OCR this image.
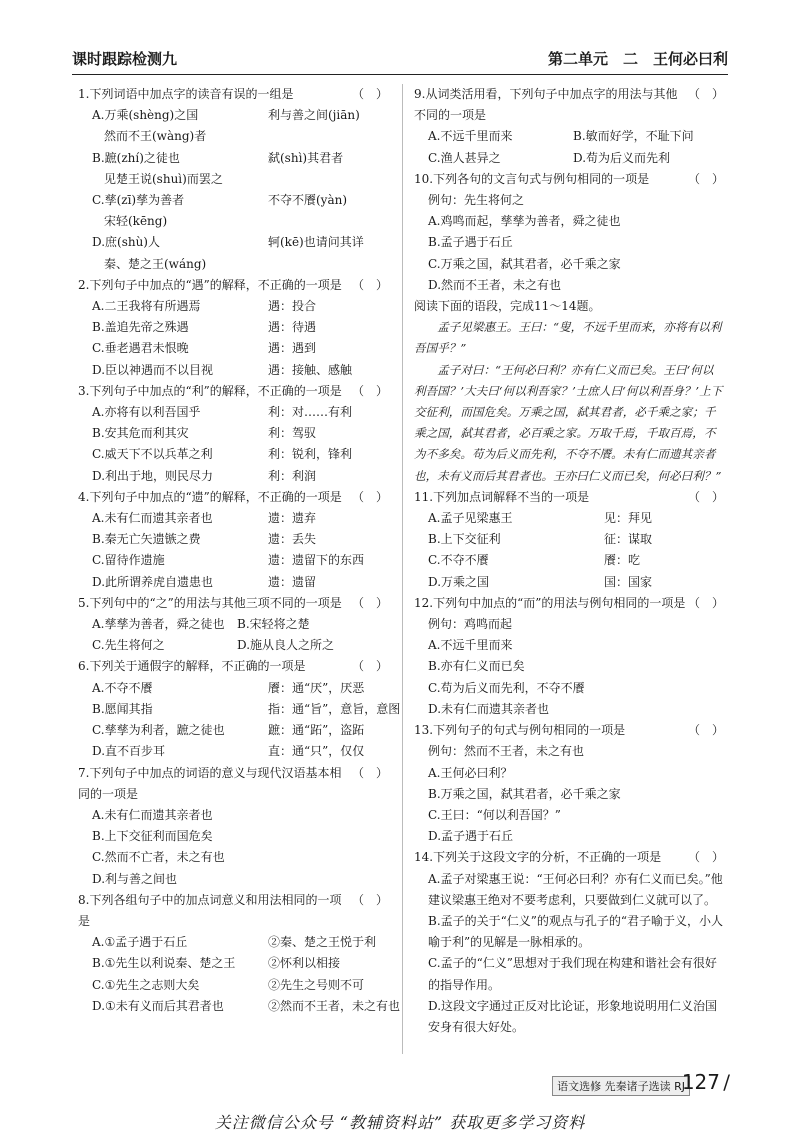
课时跟踪检测九	第二单元　二　王何必曰利
（　）
1.下列词语中加点字的读音有误的一组是
A.万乘(shèng)之国	利与善之间(jiān)
　然而不王(wàng)者
B.蹠(zhí)之徒也	弑(shì)其君者
　见楚王说(shuì)而罢之
C.孳(zī)孳为善者	不夺不餍(yàn)
　宋轻(kēng)
D.庶(shù)人	轲(kē)也请问其详
　秦、楚之王(wáng)
（　）
2.下列句子中加点的“遇”的解释，不正确的一项是
A.二王我将有所遇焉	遇：投合
B.盖追先帝之殊遇	遇：待遇
C.垂老遇君未恨晚	遇：遇到
D.臣以神遇而不以目视	遇：接触、感触
（　）
3.下列句子中加点的“利”的解释，不正确的一项是
A.亦将有以利吾国乎	利：对……有利
B.安其危而利其灾	利：驾驭
C.威天下不以兵革之利	利：锐利，锋利
D.利出于地，则民尽力	利：利润
（　）
4.下列句子中加点的“遗”的解释，不正确的一项是
A.未有仁而遗其亲者也	遗：遗弃
B.秦无亡矢遗镞之费	遗：丢失
C.留待作遗施	遗：遗留下的东西
D.此所谓养虎自遗患也	遗：遗留
（　）
5.下列句中的“之”的用法与其他三项不同的一项是
A.孳孳为善者，舜之徒也	B.宋轻将之楚
C.先生将何之	D.施从良人之所之
（　）
6.下列关于通假字的解释，不正确的一项是
A.不夺不餍	餍：通“厌”，厌恶
B.愿闻其指	指：通“旨”，意旨，意图
C.孳孳为利者，蹠之徒也	蹠：通“跖”，盗跖
D.直不百步耳	直：通“只”，仅仅
（　）
7.下列句子中加点的词语的意义与现代汉语基本相同的一项是
A.未有仁而遗其亲者也
B.上下交征利而国危矣
C.然而不亡者，未之有也
D.利与善之间也
（　）
8.下列各组句子中的加点词意义和用法相同的一项是
A.①孟子遇于石丘	②秦、楚之王悦于利
B.①先生以利说秦、楚之王	②怀利以相接
C.①先生之志则大矣	②先生之号则不可
D.①未有义而后其君者也	②然而不王者，未之有也
（　）
9.从词类活用看，下列句子中加点字的用法与其他不同的一项是
A.不远千里而来	B.敏而好学，不耻下问
C.渔人甚异之	D.苟为后义而先利
（　）
10.下列各句的文言句式与例句相同的一项是
例句：先生将何之
A.鸡鸣而起，孳孳为善者，舜之徒也
B.孟子遇于石丘
C.万乘之国，弑其君者，必千乘之家
D.然而不王者，未之有也
阅读下面的语段，完成11～14题。

孟子见梁惠王。王曰：“叟，不远千里而来，亦将有以利吾国乎？”

孟子对曰：“王何必曰利？亦有仁义而已矣。王曰‘何以利吾国？’大夫曰‘何以利吾家？’士庶人曰‘何以利吾身？’上下交征利，而国危矣。万乘之国，弑其君者，必千乘之家；千乘之国，弑其君者，必百乘之家。万取千焉，千取百焉，不为不多矣。苟为后义而先利，不夺不餍。未有仁而遗其亲者也，未有义而后其君者也。王亦曰仁义而已矣，何必曰利？”

（　）
11.下列加点词解释不当的一项是
A.孟子见梁惠王	见：拜见
B.上下交征利	征：谋取
C.不夺不餍	餍：吃
D.万乘之国	国：国家
（　）
12.下列句中加点的“而”的用法与例句相同的一项是
例句：鸡鸣而起
A.不远千里而来
B.亦有仁义而已矣
C.苟为后义而先利，不夺不餍
D.未有仁而遗其亲者也
（　）
13.下列句子的句式与例句相同的一项是
例句：然而不王者，未之有也
A.王何必曰利？
B.万乘之国，弑其君者，必千乘之家
C.王曰：“何以利吾国？”
D.孟子遇于石丘
（　）
14.下列关于这段文字的分析，不正确的一项是
A.孟子对梁惠王说：“王何必曰利？亦有仁义而已矣。”他建议梁惠王绝对不要考虑利，只要做到仁义就可以了。
B.孟子的关于“仁义”的观点与孔子的“君子喻于义，小人喻于利”的见解是一脉相承的。
C.孟子的“仁义”思想对于我们现在构建和谐社会有很好的指导作用。
D.这段文字通过正反对比论证，形象地说明用仁义治国安身有很大好处。
语文选修 先秦诸子选读 RJ
127 /
关注微信公众号 “教辅资料站” 获取更多学习资料
